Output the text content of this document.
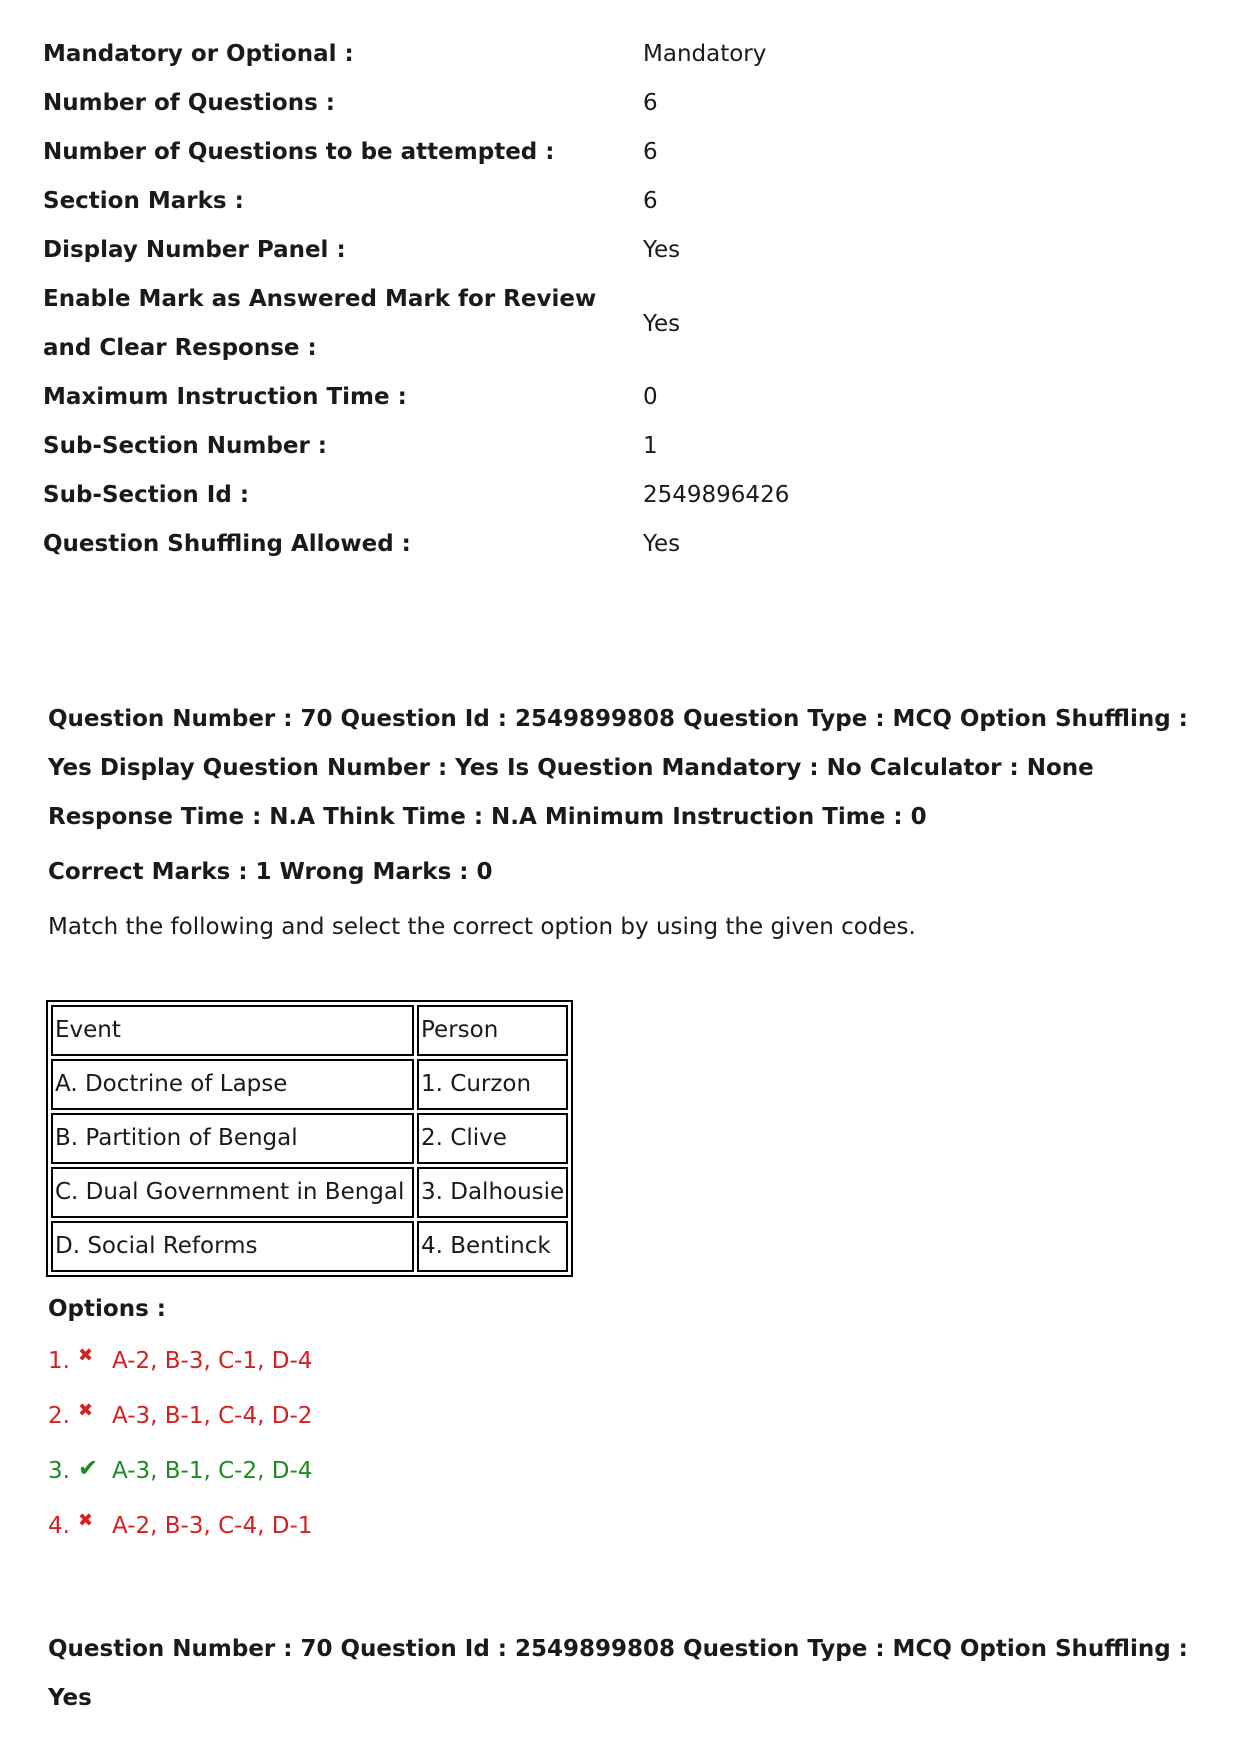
Mandatory or Optional :	Mandatory
Number of Questions :	6
Number of Questions to be attempted :	6
Section Marks :	6
Display Number Panel :	Yes
Enable Mark as Answered Mark for Review and Clear Response :
Yes
Maximum Instruction Time :	0
Sub-Section Number :	1
Sub-Section Id :	2549896426
Question Shuffling Allowed :	Yes
Question Number : 70 Question Id : 2549899808 Question Type : MCQ Option Shuffling : Yes Display Question Number : Yes Is Question Mandatory : No Calculator : None Response Time : N.A Think Time : N.A Minimum Instruction Time : 0
Correct Marks : 1 Wrong Marks : 0
Match the following and select the correct option by using the given codes.
Event	Person
A. Doctrine of Lapse	1. Curzon
B. Partition of Bengal	2. Clive
C. Dual Government in Bengal	3. Dalhousie
D. Social Reforms	4. Bentinck
Options :
1. ✖ A-2, B-3, C-1, D-4
2. ✖ A-3, B-1, C-4, D-2
3. ✔ A-3, B-1, C-2, D-4
4. ✖ A-2, B-3, C-4, D-1
Question Number : 70 Question Id : 2549899808 Question Type : MCQ Option Shuffling : Yes
